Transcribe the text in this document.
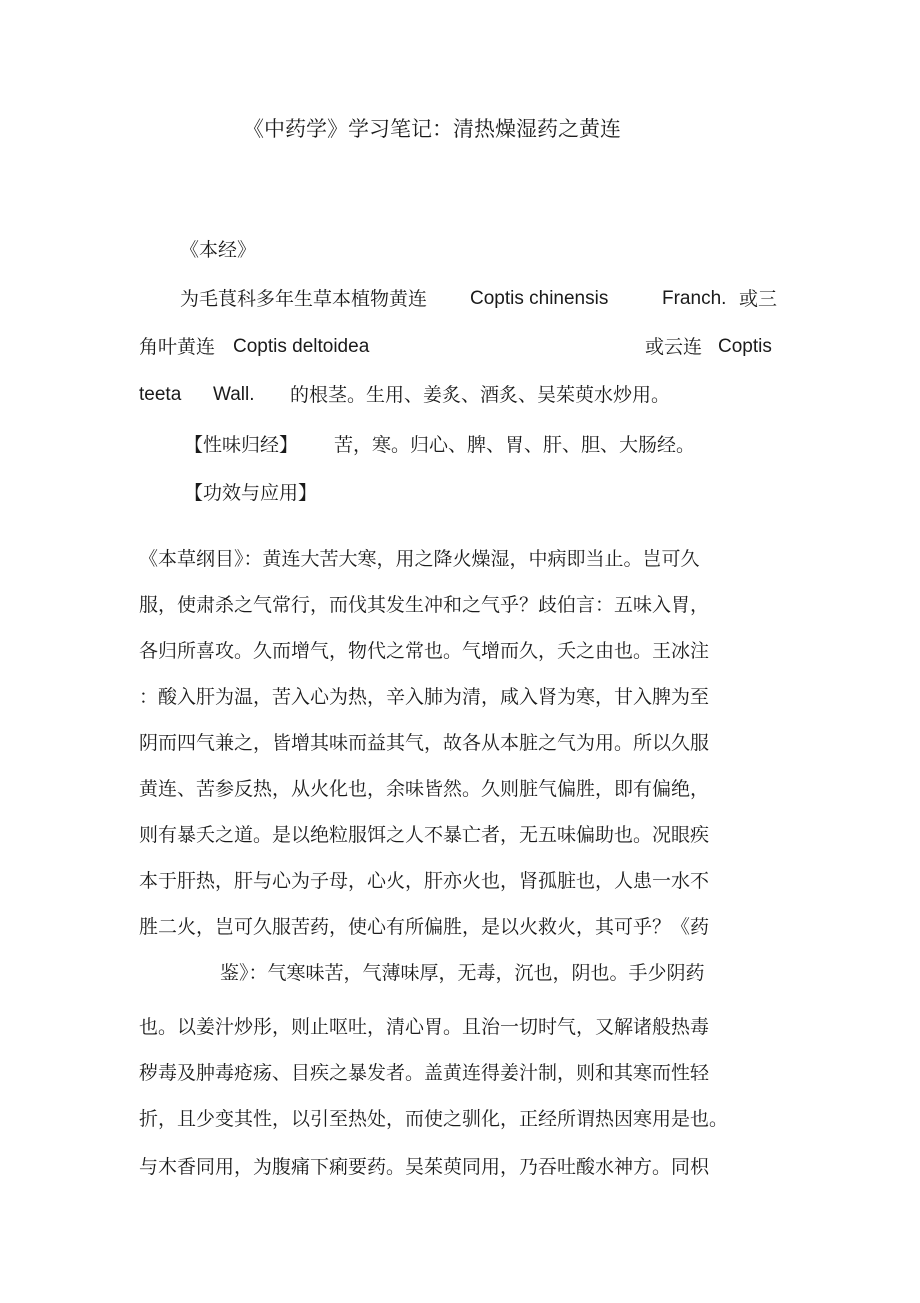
《中药学》学习笔记：清热燥湿药之黄连
《本经》
为毛茛科多年生草本植物黄连 Coptis chinensis	Franch. 或三
角叶黄连 Coptis deltoidea	或云连 Coptis
teeta Wall. 的根茎。生用、姜炙、酒炙、吴茱萸水炒用。
【性味归经】 苦，寒。归心、脾、胃、肝、胆、大肠经。
【功效与应用】
《本草纲目》：黄连大苦大寒，用之降火燥湿，中病即当止。岂可久
服，使肃杀之气常行，而伐其发生冲和之气乎？歧伯言：五味入胃，
各归所喜攻。久而增气，物代之常也。气增而久，夭之由也。王冰注
：酸入肝为温，苦入心为热，辛入肺为清，咸入肾为寒，甘入脾为至
阴而四气兼之，皆增其味而益其气，故各从本脏之气为用。所以久服
黄连、苦参反热，从火化也，余味皆然。久则脏气偏胜，即有偏绝，
则有暴夭之道。是以绝粒服饵之人不暴亡者，无五味偏助也。况眼疾
本于肝热，肝与心为子母，心火，肝亦火也，肾孤脏也，人患一水不
胜二火，岂可久服苦药，使心有所偏胜，是以火救火，其可乎？《药
鉴》：气寒味苦，气薄味厚，无毒，沉也，阴也。手少阴药
也。以姜汁炒彤，则止呕吐，清心胃。且治一切时气，又解诸般热毒
秽毒及肿毒疮疡、目疾之暴发者。盖黄连得姜汁制，则和其寒而性轻
折，且少变其性，以引至热处，而使之驯化，正经所谓热因寒用是也。
与木香同用，为腹痛下痢要药。吴茱萸同用，乃吞吐酸水神方。同枳
